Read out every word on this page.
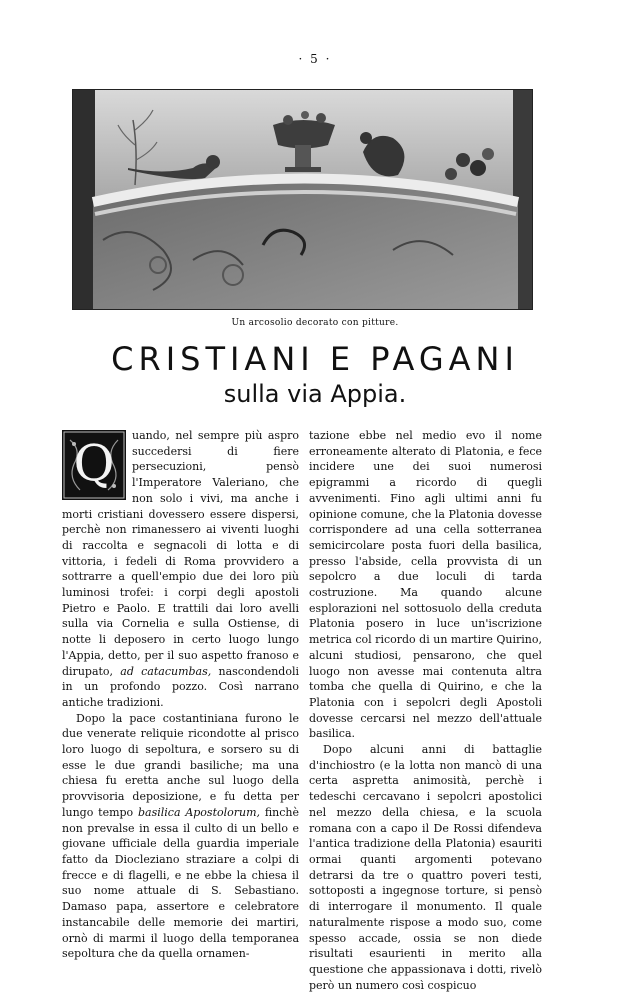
· 5 ·
Un arcosolio decorato con pitture.
CRISTIANI E PAGANI
sulla via Appia.

Q	uando, nel sempre più aspro succedersi di fiere persecuzioni, pensò l'Imperatore Valeriano, che non solo i vivi, ma anche i morti cristiani dovessero essere dispersi, perchè non rimanessero ai viventi luoghi di raccolta e segnacoli di lotta e di vittoria, i fedeli di Roma provvidero a sottrarre a quell'empio due dei loro più luminosi trofei: i corpi degli apostoli Pietro e Paolo. E trattili dai loro avelli sulla via Corneliа e sulla Ostiense, di notte li deposero in certo luogo lungo l'Appia, detto, per il suo aspetto franoso e dirupato, ad catacumbas, nascondendoli in un profondo pozzo. Così narrano antiche tradizioni.

Dopo la pace costantiniana furono le due venerate reliquie ricondotte al prisco loro luogo di sepoltura, e sorsero su di esse le due grandi basiliche; ma una chiesa fu eretta anche sul luogo della provvisoria deposizione, e fu detta per lungo tempo basilica Apostolorum, finchè non prevalse in essa il culto di un bello e giovane ufficiale della guardia imperiale fatto da Diocleziano straziare a colpi di frecce e di flagelli, e ne ebbe la chiesa il suo nome attuale di S. Sebastiano. Damaso papa, assertore e celebratore instancabile delle memorie dei martiri, ornò di marmi il luogo della temporanea sepoltura che da quella ornamen-

tazione ebbe nel medio evo il nome erroneamente alterato di Platonia, e fece incidere une dei suoi numerosi epigrammi a ricordo di quegli avvenimenti. Fino agli ultimi anni fu opinione comune, che la Platonia dovesse corrispondere ad una cella sotterranea semicircolare posta fuori della basilica, presso l'abside, cella provvista di un sepolcro a due loculi di tarda costruzione. Ma quando alcune esplorazioni nel sottosuolo della creduta Platonia posero in luce un'iscrizione metrica col ricordo di un martire Quirino, alcuni studiosi, pensarono, che quel luogo non avesse mai contenuta altra tomba che quella di Quirino, e che la Platonia con i sepolcri degli Apostoli dovesse cercarsi nel mezzo dell'attuale basilica.

Dopo alcuni anni di battaglie d'inchiostro (e la lotta non mancò di una certa aspretta animosità, perchè i tedeschi cercavano i sepolcri apostolici nel mezzo della chiesa, e la scuola romana con a capo il De Rossi difendeva l'antica tradizione della Platonia) esauriti ormai quanti argomenti potevano detrarsi da tre o quattro poveri testi, sottoposti a ingegnose torture, si pensò di interrogare il monumento. Il quale naturalmente rispose a modo suo, come spesso accade, ossia se non diede risultati esaurienti in merito alla questione che appassionava i dotti, rivelò però un numero così cospicuo
